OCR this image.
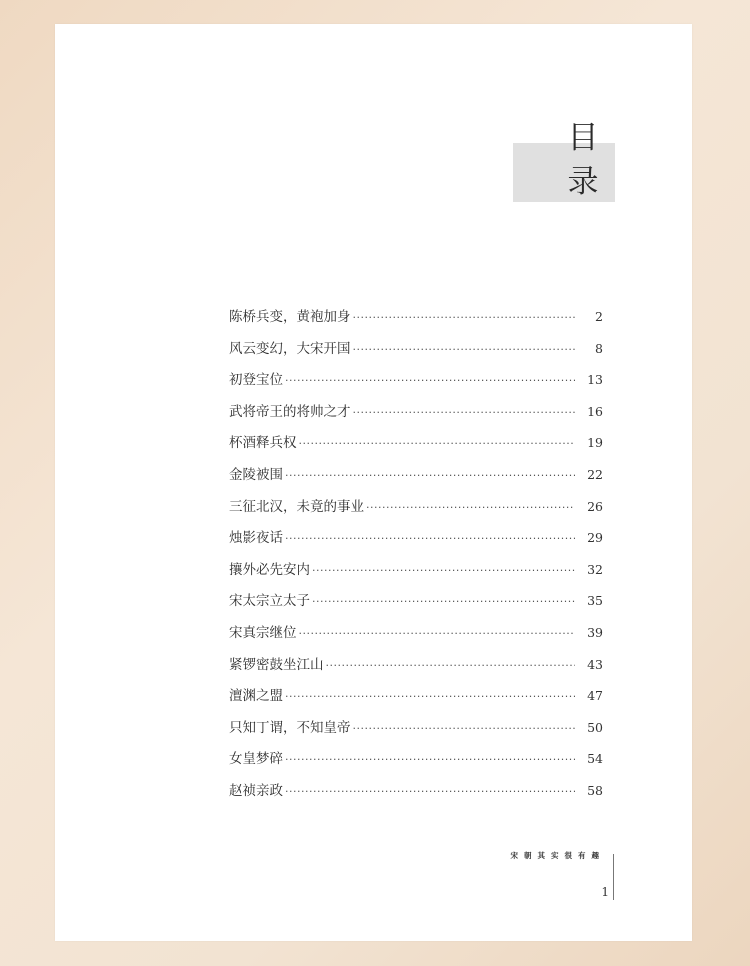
目
录
陈桥兵变，黄袍加身 ·····	2
风云变幻，大宋开国 ·····	8
初登宝位 ·····	13
武将帝王的将帅之才 ·····	16
杯酒释兵权 ·····	19
金陵被围 ·····	22
三征北汉，未竟的事业 ·····	26
烛影夜话 ·····	29
攘外必先安内 ·····	32
宋太宗立太子 ·····	35
宋真宗继位 ·····	39
紧锣密鼓坐江山 ·····	43
澶渊之盟 ·····	47
只知丁谓，不知皇帝 ·····	50
女皇梦碎 ·····	54
赵祯亲政 ·····	58
宋朝其实很有趣
1
